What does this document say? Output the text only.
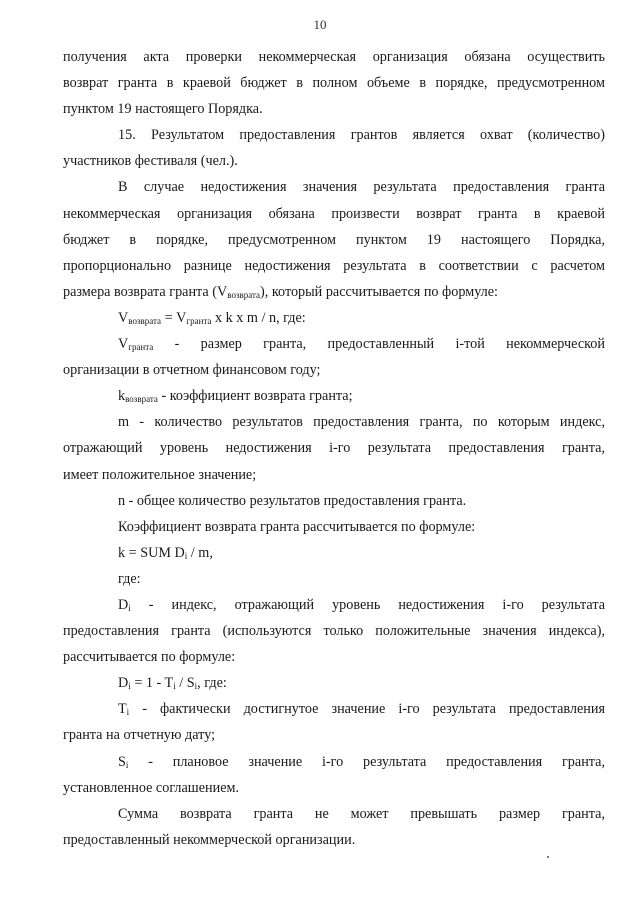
10

получения акта проверки некоммерческая организация обязана осуществить
возврат гранта в краевой бюджет в полном объеме в порядке, предусмотренном
пунктом 19 настоящего Порядка.

15. Результатом предоставления грантов является охват (количество)
участников фестиваля (чел.).

В случае недостижения значения результата предоставления гранта
некоммерческая организация обязана произвести возврат гранта в краевой
бюджет в порядке, предусмотренном пунктом 19 настоящего Порядка,
пропорционально разнице недостижения результата в соответствии с расчетом
размера возврата гранта $(V_{возврата})$, который рассчитывается по формуле:

$V_{возврата} = V_{гранта}$ x k x m / n, где:

$V_{гранта}$ - размер гранта, предоставленный i-той некоммерческой
организации в отчетном финансовом году;

$k_{возврата}$ - коэффициент возврата гранта;

m - количество результатов предоставления гранта, по которым индекс,
отражающий уровень недостижения i-го результата предоставления гранта,
имеет положительное значение;

n - общее количество результатов предоставления гранта.

Коэффициент возврата гранта рассчитывается по формуле:

k = SUM $D_i$ / m,

где:

$D_i$ - индекс, отражающий уровень недостижения i-го результата
предоставления гранта (используются только положительные значения индекса),
рассчитывается по формуле:

$D_i = 1 - T_i / S_i$, где:

$T_i$ - фактически достигнутое значение i-го результата предоставления
гранта на отчетную дату;

$S_i$ - плановое значение i-го результата предоставления гранта,
установленное соглашением.

Сумма возврата гранта не может превышать размер гранта,
предоставленный некоммерческой организации.
